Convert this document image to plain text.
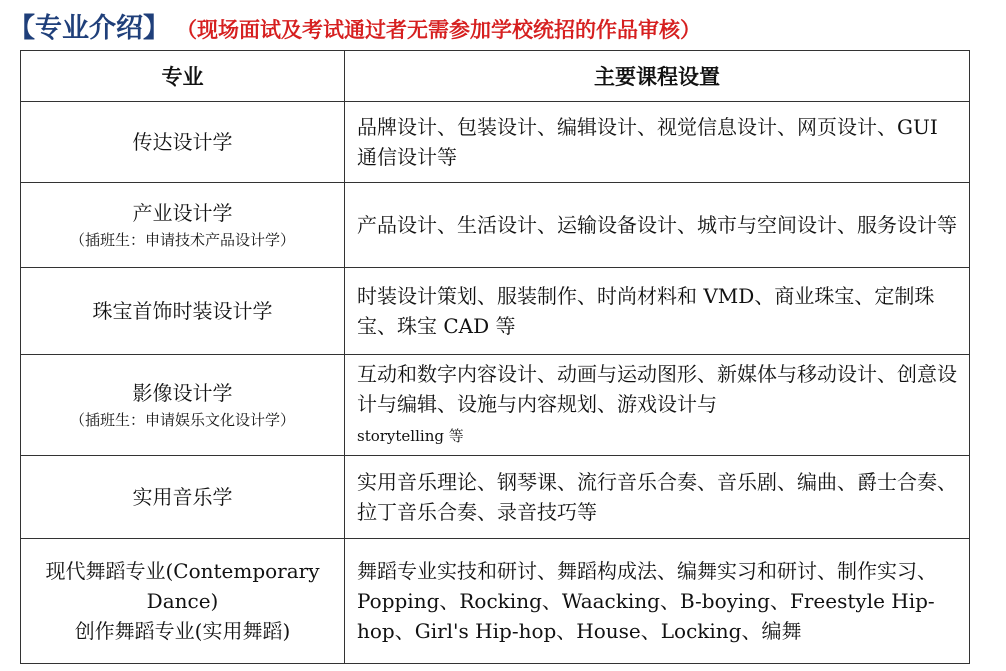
【专业介绍】 （现场面试及考试通过者无需参加学校统招的作品审核）
专业	主要课程设置
传达设计学	品牌设计、包装设计、编辑设计、视觉信息设计、网页设计、GUI 通信设计等
产业设计学
（插班生：申请技术产品设计学）	产品设计、生活设计、运输设备设计、城市与空间设计、服务设计等
珠宝首饰时装设计学	时装设计策划、服装制作、时尚材料和 VMD、商业珠宝、定制珠宝、珠宝 CAD 等
影像设计学
（插班生：申请娱乐文化设计学）	互动和数字内容设计、动画与运动图形、新媒体与移动设计、创意设计与编辑、设施与内容规划、游戏设计与
storytelling 等
实用音乐学	实用音乐理论、钢琴课、流行音乐合奏、音乐剧、编曲、爵士合奏、拉丁音乐合奏、录音技巧等
现代舞蹈专业(Contemporary Dance)
创作舞蹈专业(实用舞蹈)	舞蹈专业实技和研讨、舞蹈构成法、编舞实习和研讨、制作实习、Popping、Rocking、Waacking、B-boying、Freestyle Hip-hop、Girl's Hip-hop、House、Locking、编舞
